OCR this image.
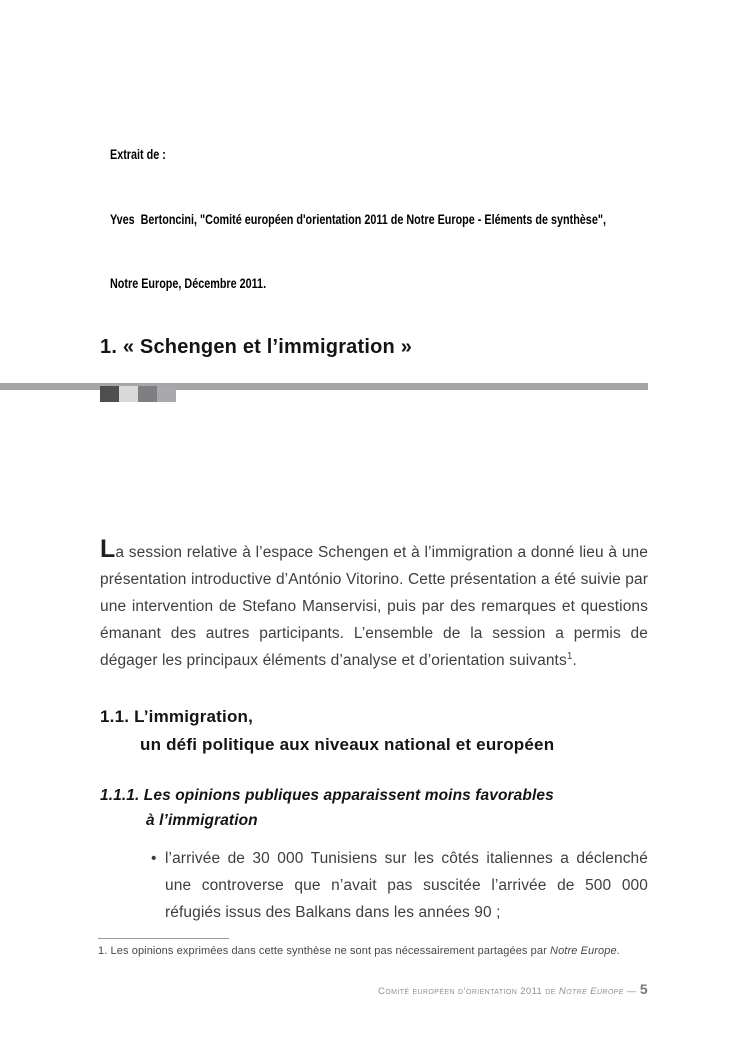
Extrait de :

Yves  Bertoncini, "Comité européen d'orientation 2011 de Notre Europe - Eléments de synthèse",

Notre Europe, Décembre 2011.

1. « Schengen et l’immigration »

La session relative à l’espace Schengen et à l’immigration a donné lieu à une présentation introductive d’António Vitorino. Cette présentation a été suivie par une intervention de Stefano Manservisi, puis par des remarques et questions émanant des autres participants. L’ensemble de la session a permis de dégager les principaux éléments d’analyse et d’orientation suivants$^1$.

1.1. L’immigration,
un défi politique aux niveaux national et européen
1.1.1. Les opinions publiques apparaissent moins favorables
à l’immigration
• l’arrivée de 30 000 Tunisiens sur les côtés italiennes a déclenché une controverse que n’avait pas suscitée l’arrivée de 500 000 réfugiés issus des Balkans dans les années 90 ;
1. Les opinions exprimées dans cette synthèse ne sont pas nécessairement partagées par Notre Europe.
Comité européen d’orientation 2011 de Notre Europe — 5
